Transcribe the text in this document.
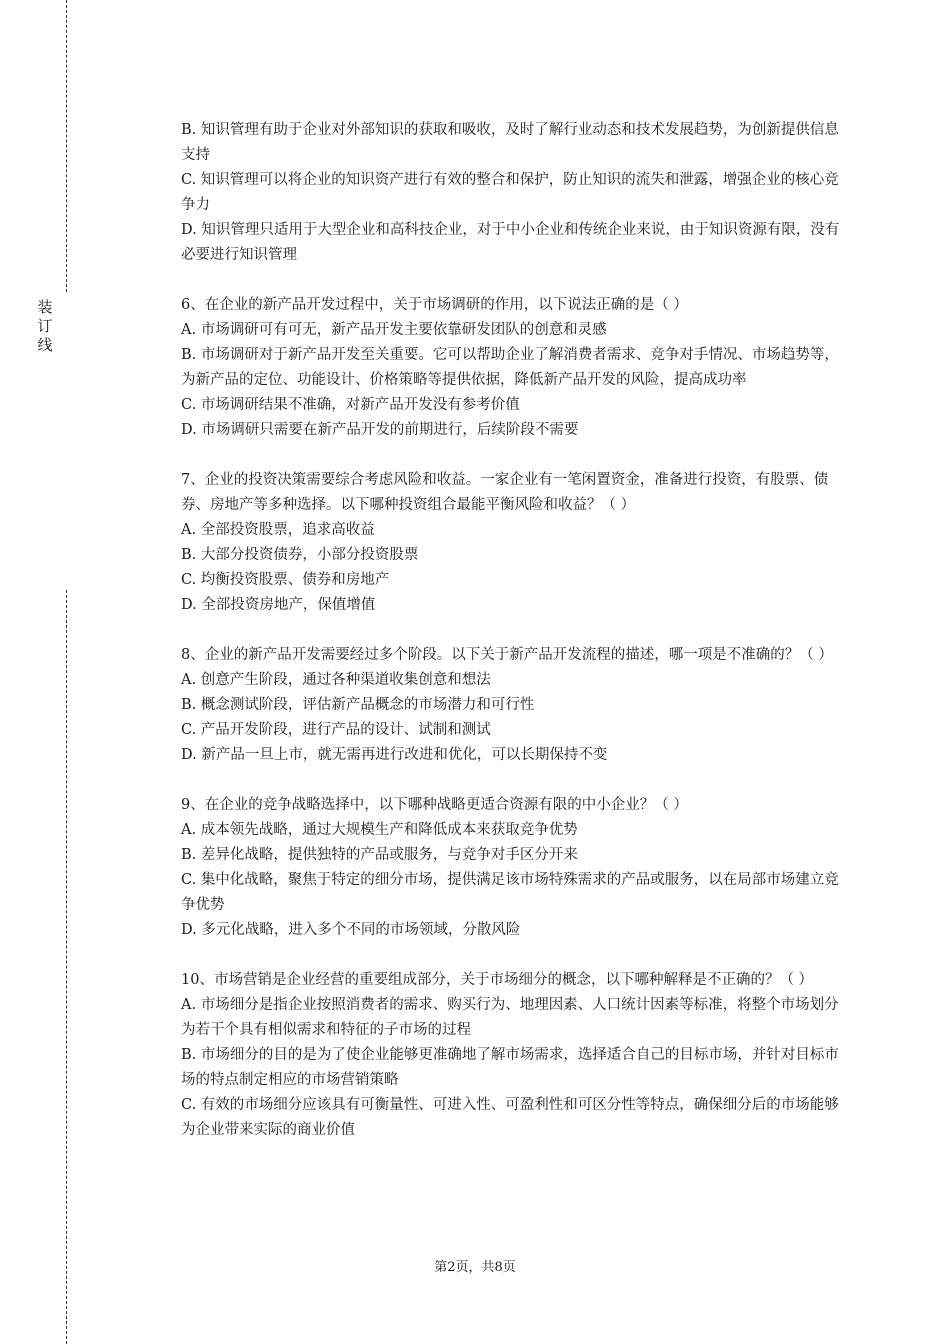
装
订
线

B. 知识管理有助于企业对外部知识的获取和吸收，及时了解行业动态和技术发展趋势，为创新提供信息支持

C. 知识管理可以将企业的知识资产进行有效的整合和保护，防止知识的流失和泄露，增强企业的核心竞争力

D. 知识管理只适用于大型企业和高科技企业，对于中小企业和传统企业来说，由于知识资源有限，没有必要进行知识管理

6、在企业的新产品开发过程中，关于市场调研的作用，以下说法正确的是（ ）

A. 市场调研可有可无，新产品开发主要依靠研发团队的创意和灵感

B. 市场调研对于新产品开发至关重要。它可以帮助企业了解消费者需求、竞争对手情况、市场趋势等，为新产品的定位、功能设计、价格策略等提供依据，降低新产品开发的风险，提高成功率

C. 市场调研结果不准确，对新产品开发没有参考价值

D. 市场调研只需要在新产品开发的前期进行，后续阶段不需要

7、企业的投资决策需要综合考虑风险和收益。一家企业有一笔闲置资金，准备进行投资，有股票、债券、房地产等多种选择。以下哪种投资组合最能平衡风险和收益？（ ）

A. 全部投资股票，追求高收益

B. 大部分投资债券，小部分投资股票

C. 均衡投资股票、债券和房地产

D. 全部投资房地产，保值增值

8、企业的新产品开发需要经过多个阶段。以下关于新产品开发流程的描述，哪一项是不准确的？（ ）

A. 创意产生阶段，通过各种渠道收集创意和想法

B. 概念测试阶段，评估新产品概念的市场潜力和可行性

C. 产品开发阶段，进行产品的设计、试制和测试

D. 新产品一旦上市，就无需再进行改进和优化，可以长期保持不变

9、在企业的竞争战略选择中，以下哪种战略更适合资源有限的中小企业？（ ）

A. 成本领先战略，通过大规模生产和降低成本来获取竞争优势

B. 差异化战略，提供独特的产品或服务，与竞争对手区分开来

C. 集中化战略，聚焦于特定的细分市场，提供满足该市场特殊需求的产品或服务，以在局部市场建立竞争优势

D. 多元化战略，进入多个不同的市场领域，分散风险

10、市场营销是企业经营的重要组成部分，关于市场细分的概念，以下哪种解释是不正确的？（ ）

A. 市场细分是指企业按照消费者的需求、购买行为、地理因素、人口统计因素等标准，将整个市场划分为若干个具有相似需求和特征的子市场的过程

B. 市场细分的目的是为了使企业能够更准确地了解市场需求，选择适合自己的目标市场，并针对目标市场的特点制定相应的市场营销策略

C. 有效的市场细分应该具有可衡量性、可进入性、可盈利性和可区分性等特点，确保细分后的市场能够为企业带来实际的商业价值

第2页，共8页
